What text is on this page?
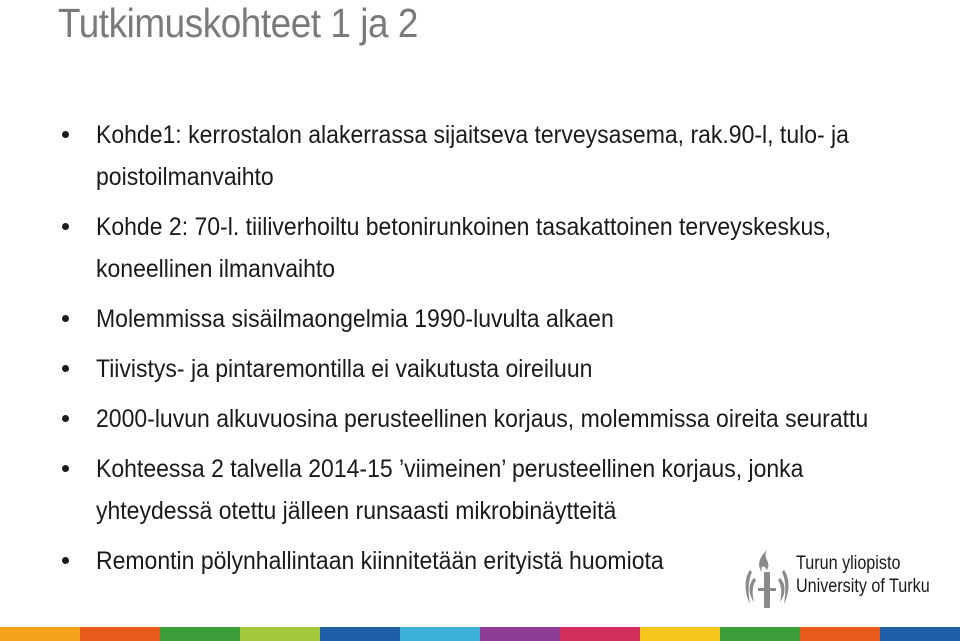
Tutkimuskohteet 1 ja 2
Kohde1: kerrostalon alakerrassa sijaitseva terveysasema, rak.90-l, tulo- ja poistoilmanvaihto
Kohde 2: 70-l. tiiliverhoiltu betonirunkoinen tasakattoinen terveyskeskus, koneellinen ilmanvaihto
Molemmissa sisäilmaongelmia 1990-luvulta alkaen
Tiivistys- ja pintaremontilla ei vaikutusta oireiluun
2000-luvun alkuvuosina perusteellinen korjaus, molemmissa oireita seurattu
Kohteessa 2 talvella 2014-15 ’viimeinen’ perusteellinen korjaus, jonka yhteydessä otettu jälleen runsaasti mikrobinäytteitä
Remontin pölynhallintaan kiinnitetään erityistä huomiota	Turun yliopisto
University of Turku
